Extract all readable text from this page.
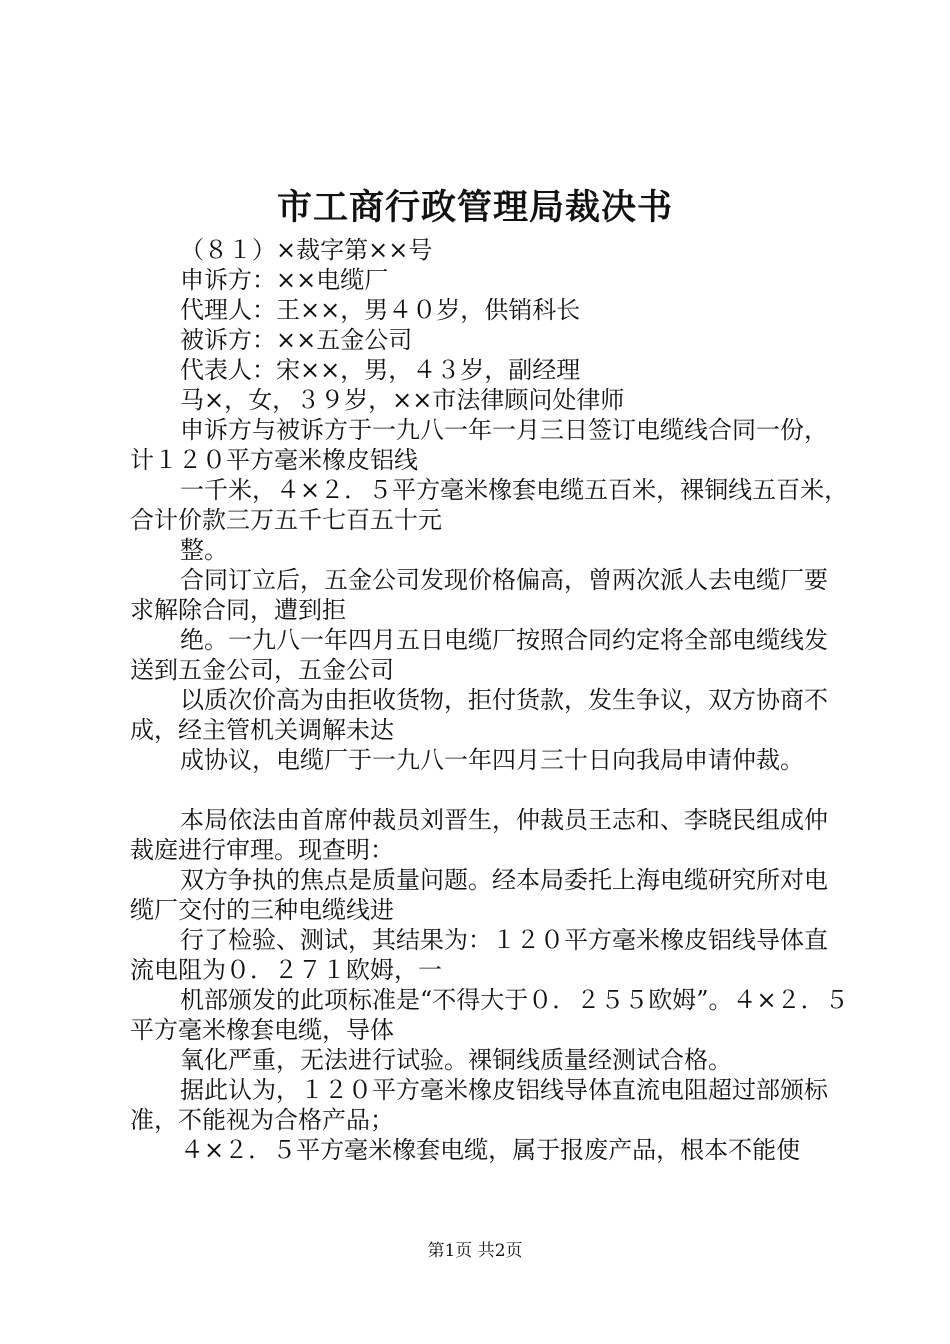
市工商行政管理局裁决书

（８１）×裁字第××号

申诉方：××电缆厂

代理人：王××，男４０岁，供销科长

被诉方：××五金公司

代表人：宋××，男，４３岁，副经理

马×，女，３９岁，××市法律顾问处律师

申诉方与被诉方于一九八一年一月三日签订电缆线合同一份，计１２０平方毫米橡皮铝线

一千米，４×２．５平方毫米橡套电缆五百米，裸铜线五百米，合计价款三万五千七百五十元

整。

合同订立后，五金公司发现价格偏高，曾两次派人去电缆厂要求解除合同，遭到拒

绝。一九八一年四月五日电缆厂按照合同约定将全部电缆线发送到五金公司，五金公司

以质次价高为由拒收货物，拒付货款，发生争议，双方协商不成，经主管机关调解未达

成协议，电缆厂于一九八一年四月三十日向我局申请仲裁。

本局依法由首席仲裁员刘晋生，仲裁员王志和、李晓民组成仲裁庭进行审理。现查明：

双方争执的焦点是质量问题。经本局委托上海电缆研究所对电缆厂交付的三种电缆线进

行了检验、测试，其结果为：１２０平方毫米橡皮铝线导体直流电阻为０．２７１欧姆，一

机部颁发的此项标准是“不得大于０．２５５欧姆”。４×２．５平方毫米橡套电缆，导体

氧化严重，无法进行试验。裸铜线质量经测试合格。

据此认为，１２０平方毫米橡皮铝线导体直流电阻超过部颁标准，不能视为合格产品；

４×２．５平方毫米橡套电缆，属于报废产品，根本不能使

第1页 共2页
